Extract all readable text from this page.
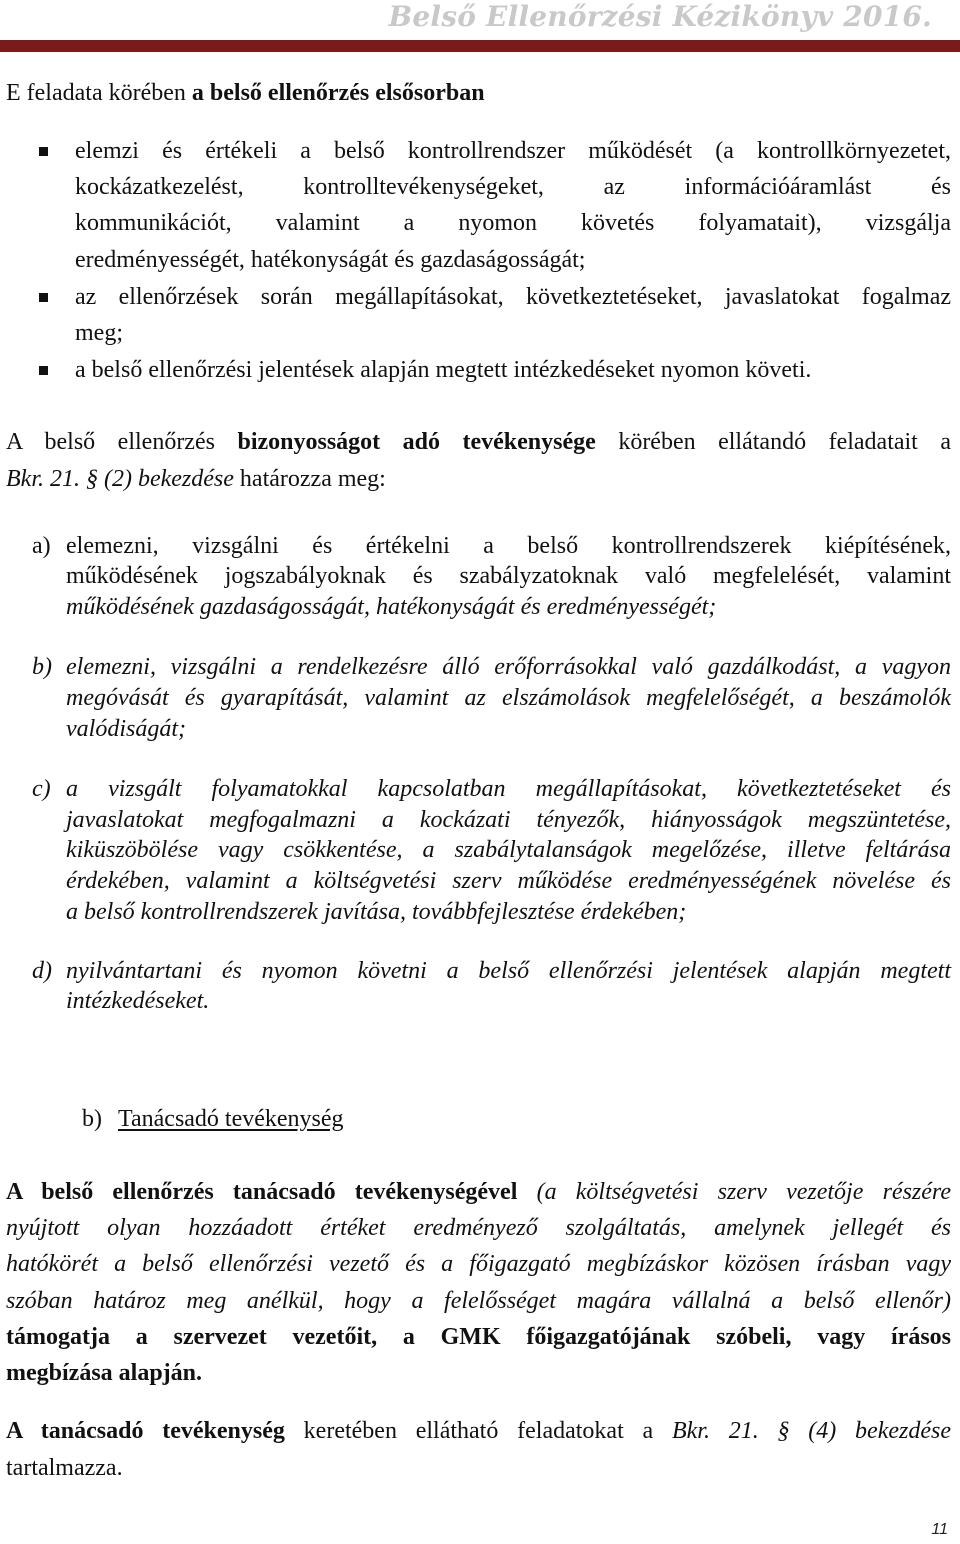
Belső Ellenőrzési Kézikönyv 2016.
E feladata körében a belső ellenőrzés elsősorban
elemzi és értékeli a belső kontrollrendszer működését (a kontrollkörnyezetet,
kockázatkezelést, kontrolltevékenységeket, az információáramlást és
kommunikációt, valamint a nyomon követés folyamatait), vizsgálja
eredményességét, hatékonyságát és gazdaságosságát;
az ellenőrzések során megállapításokat, következtetéseket, javaslatokat fogalmaz
meg;
a belső ellenőrzési jelentések alapján megtett intézkedéseket nyomon követi.
A belső ellenőrzés bizonyosságot adó tevékenysége körében ellátandó feladatait a
Bkr. 21. § (2) bekezdése határozza meg:
a) elemezni, vizsgálni és értékelni a belső kontrollrendszerek kiépítésének,
működésének jogszabályoknak és szabályzatoknak való megfelelését, valamint
működésének gazdaságosságát, hatékonyságát és eredményességét;
b) elemezni, vizsgálni a rendelkezésre álló erőforrásokkal való gazdálkodást, a vagyon
megóvását és gyarapítását, valamint az elszámolások megfelelőségét, a beszámolók
valódiságát;
c) a vizsgált folyamatokkal kapcsolatban megállapításokat, következtetéseket és
javaslatokat megfogalmazni a kockázati tényezők, hiányosságok megszüntetése,
kiküszöbölése vagy csökkentése, a szabálytalanságok megelőzése, illetve feltárása
érdekében, valamint a költségvetési szerv működése eredményességének növelése és
a belső kontrollrendszerek javítása, továbbfejlesztése érdekében;
d) nyilvántartani és nyomon követni a belső ellenőrzési jelentések alapján megtett
intézkedéseket.
b) Tanácsadó tevékenység
A belső ellenőrzés tanácsadó tevékenységével (a költségvetési szerv vezetője részére
nyújtott olyan hozzáadott értéket eredményező szolgáltatás, amelynek jellegét és
hatókörét a belső ellenőrzési vezető és a főigazgató megbízáskor közösen írásban vagy
szóban határoz meg anélkül, hogy a felelősséget magára vállalná a belső ellenőr)
támogatja a szervezet vezetőit, a GMK főigazgatójának szóbeli, vagy írásos
megbízása alapján.
A tanácsadó tevékenység keretében ellátható feladatokat a Bkr. 21. § (4) bekezdése
tartalmazza.
11
